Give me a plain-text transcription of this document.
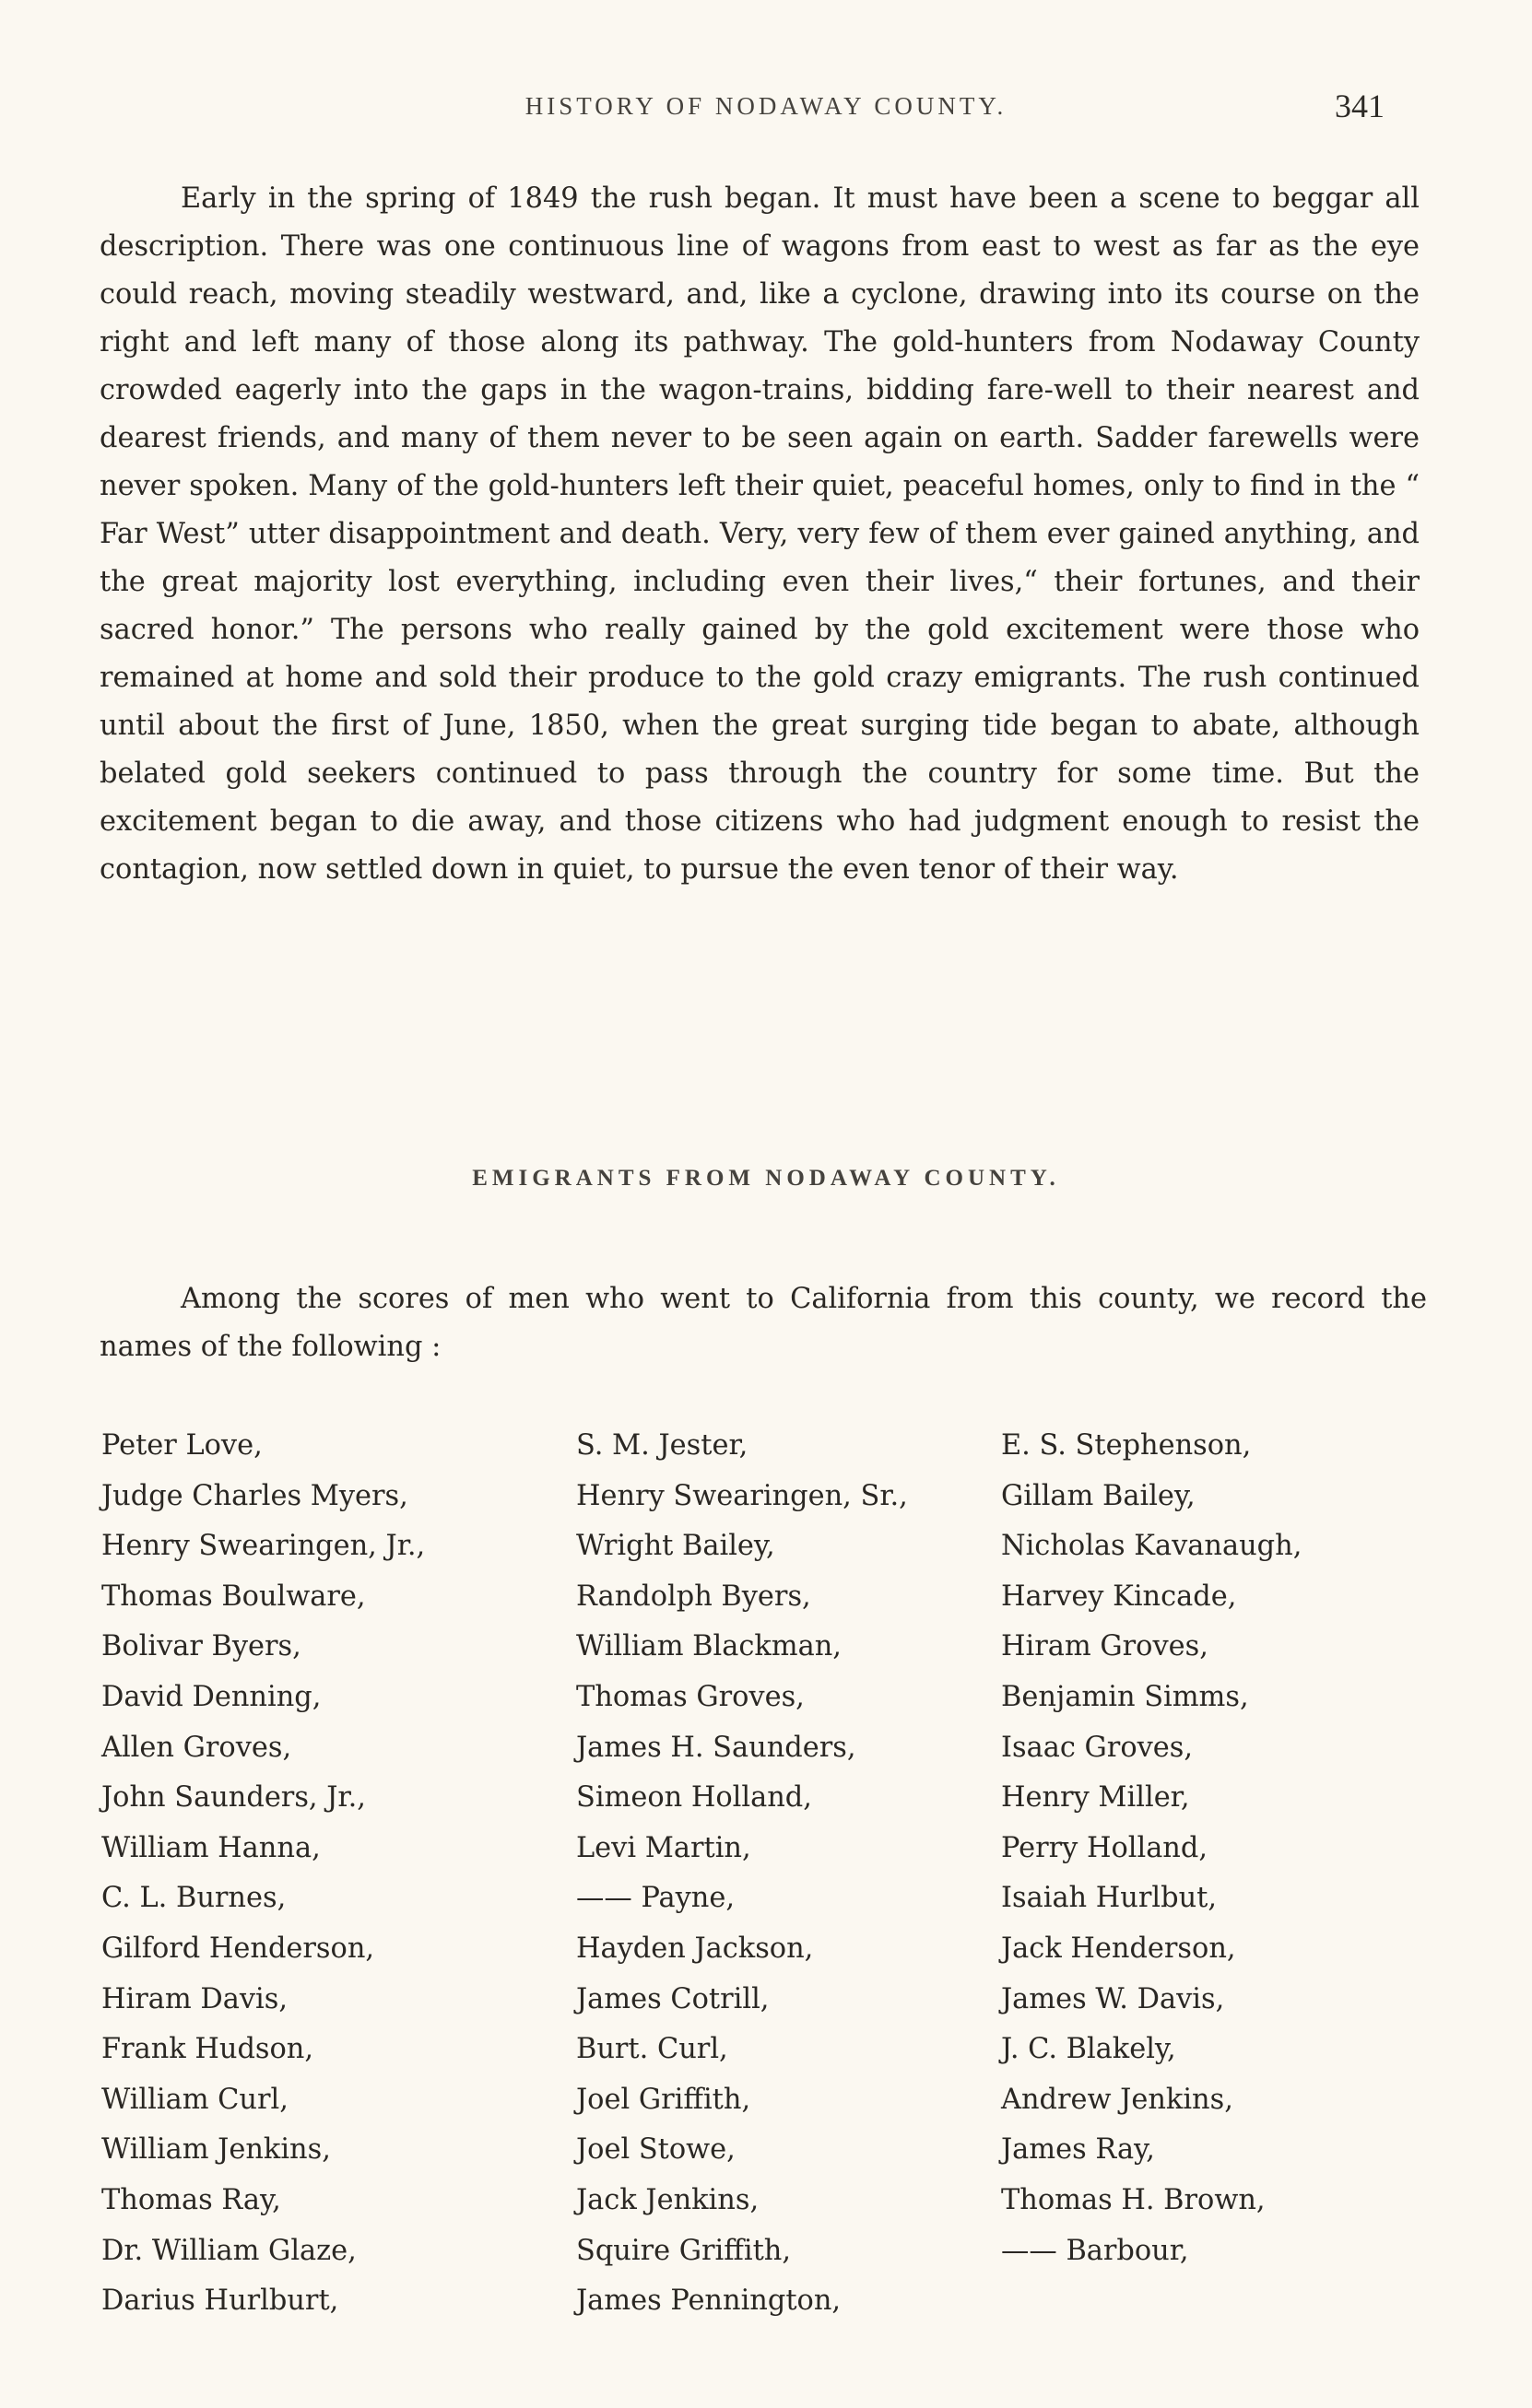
HISTORY OF NODAWAY COUNTY.	341

Early in the spring of 1849 the rush began. It must have been a scene to beggar all description. There was one continuous line of wagons from east to west as far as the eye could reach, moving steadily westward, and, like a cyclone, drawing into its course on the right and left many of those along its pathway. The gold-hunters from Nodaway County crowded eagerly into the gaps in the wagon-trains, bidding fare-well to their nearest and dearest friends, and many of them never to be seen again on earth. Sadder farewells were never spoken. Many of the gold-hunters left their quiet, peaceful homes, only to find in the “ Far West” utter disappointment and death. Very, very few of them ever gained anything, and the great majority lost everything, including even their lives,“ their fortunes, and their sacred honor.” The persons who really gained by the gold excitement were those who remained at home and sold their produce to the gold crazy emigrants. The rush continued until about the first of June, 1850, when the great surging tide began to abate, although belated gold seekers continued to pass through the country for some time. But the excitement began to die away, and those citizens who had judgment enough to resist the contagion, now settled down in quiet, to pursue the even tenor of their way.

EMIGRANTS FROM NODAWAY COUNTY.

Among the scores of men who went to California from this county, we record the names of the following :

Peter Love,
Judge Charles Myers,
Henry Swearingen, Jr.,
Thomas Boulware,
Bolivar Byers,
David Denning,
Allen Groves,
John Saunders, Jr.,
William Hanna,
C. L. Burnes,
Gilford Henderson,
Hiram Davis,
Frank Hudson,
William Curl,
William Jenkins,
Thomas Ray,
Dr. William Glaze,
Darius Hurlburt,
S. M. Jester,
Henry Swearingen, Sr.,
Wright Bailey,
Randolph Byers,
William Blackman,
Thomas Groves,
James H. Saunders,
Simeon Holland,
Levi Martin,
—— Payne,
Hayden Jackson,
James Cotrill,
Burt. Curl,
Joel Griffith,
Joel Stowe,
Jack Jenkins,
Squire Griffith,
James Pennington,
E. S. Stephenson,
Gillam Bailey,
Nicholas Kavanaugh,
Harvey Kincade,
Hiram Groves,
Benjamin Simms,
Isaac Groves,
Henry Miller,
Perry Holland,
Isaiah Hurlbut,
Jack Henderson,
James W. Davis,
J. C. Blakely,
Andrew Jenkins,
James Ray,
Thomas H. Brown,
—— Barbour,
